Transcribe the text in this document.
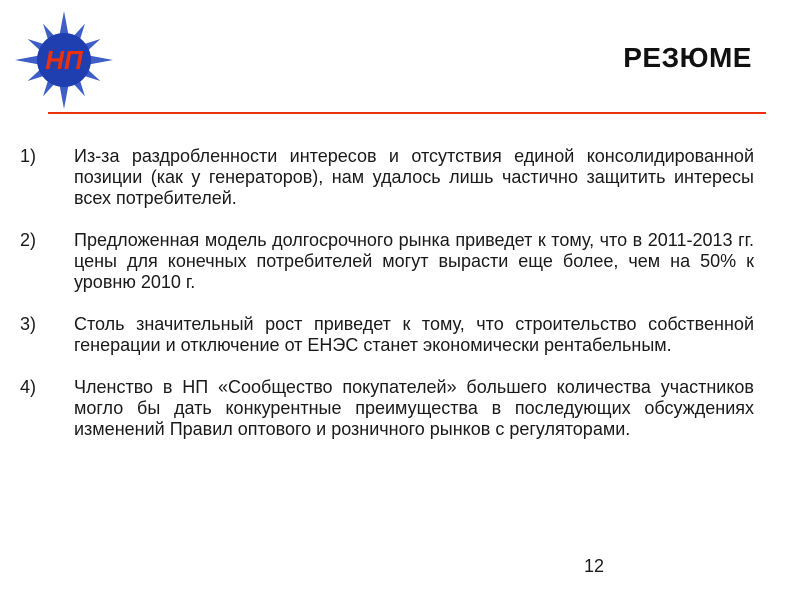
НП	РЕЗЮМЕ
1)	Из-за раздробленности интересов и отсутствия единой консолидированной позиции (как у генераторов), нам удалось лишь частично защитить интересы всех потребителей.
2)	Предложенная модель долгосрочного рынка приведет к тому, что в 2011-2013 гг. цены для конечных потребителей могут вырасти еще более, чем на 50% к уровню 2010 г.
3)	Столь значительный рост приведет к тому, что строительство собственной генерации и отключение от ЕНЭС станет экономически рентабельным.
4)	Членство в НП «Сообщество покупателей» большего количества участников могло бы дать конкурентные преимущества в последующих обсуждениях изменений Правил оптового и розничного рынков с регуляторами.
12
